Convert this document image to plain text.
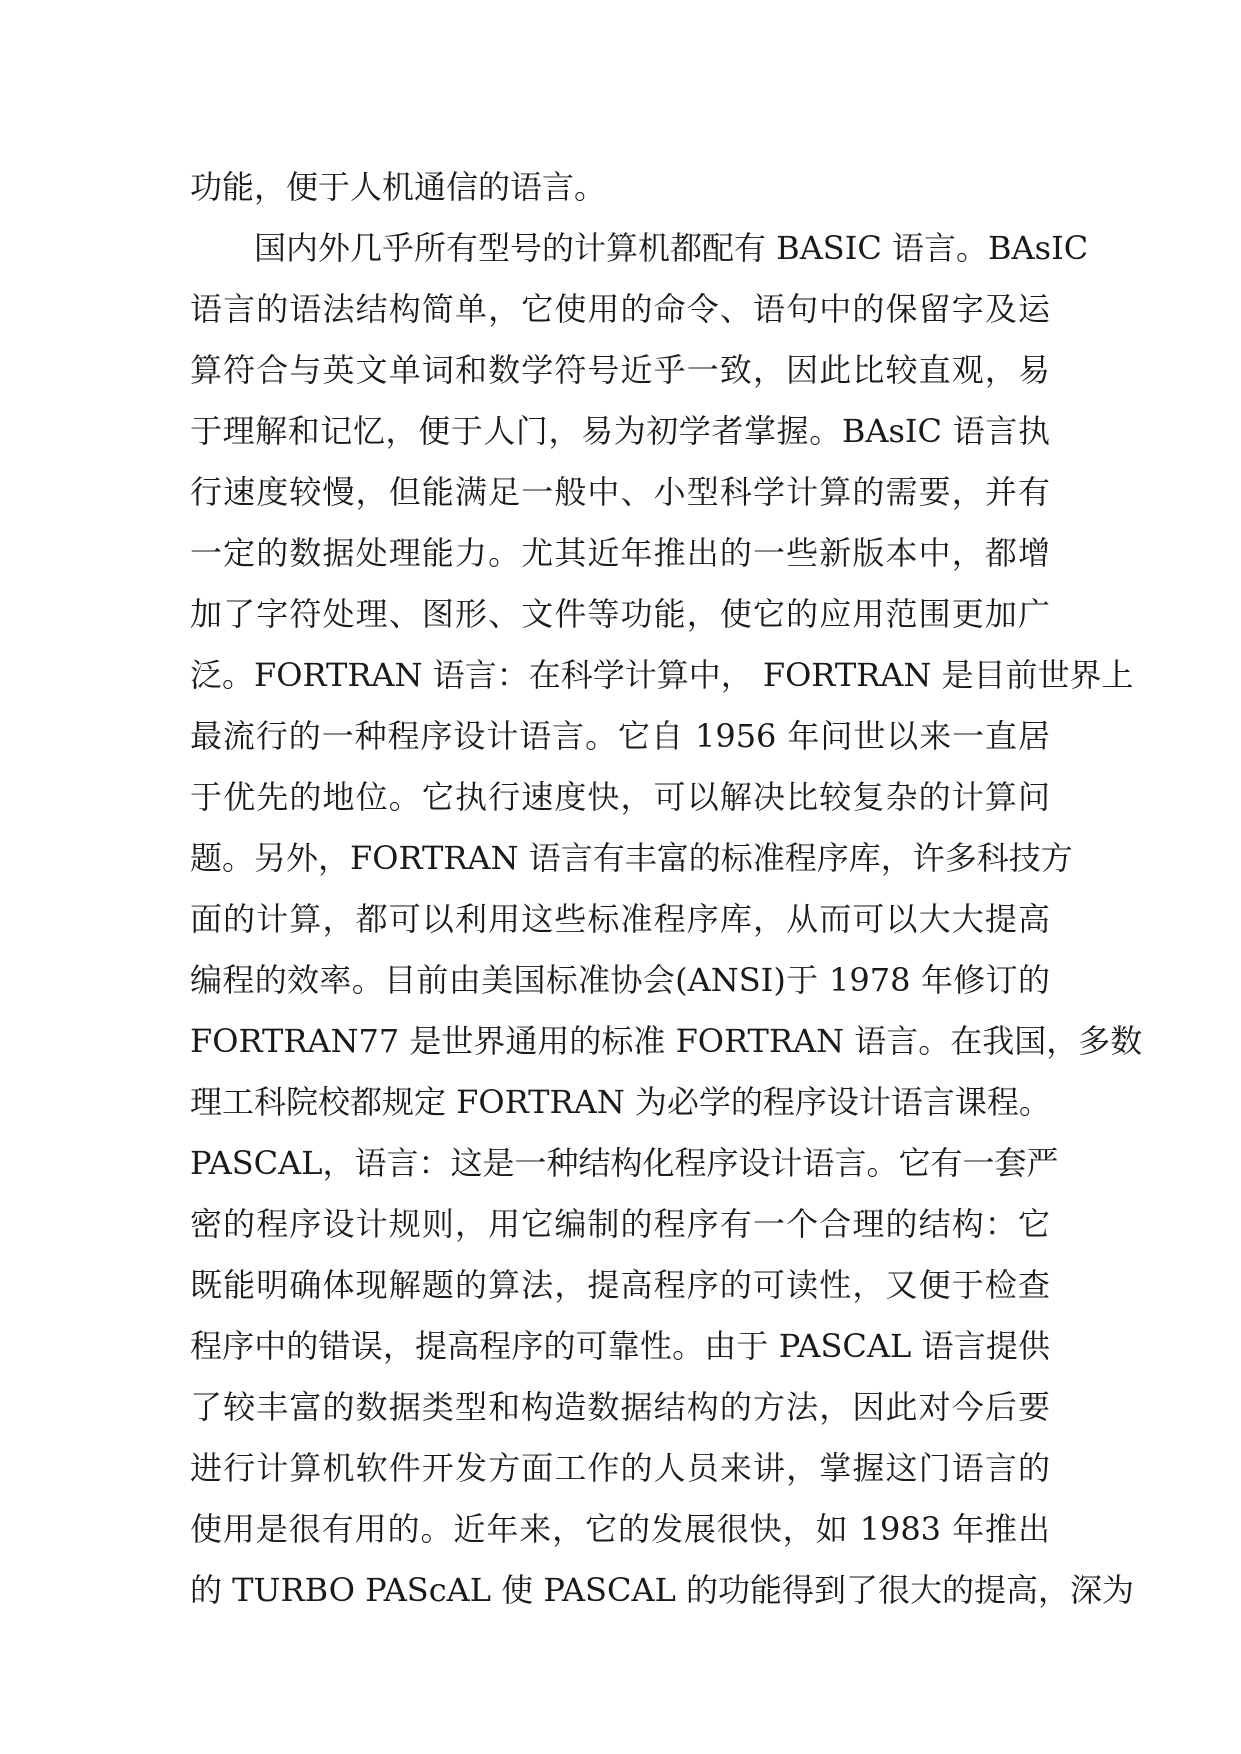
功能，便于人机通信的语言。
国内外几乎所有型号的计算机都配有 BASIC 语言。BAsIC
语言的语法结构简单，它使用的命令、语句中的保留字及运
算符合与英文单词和数学符号近乎一致，因此比较直观，易
于理解和记忆，便于人门，易为初学者掌握。BAsIC 语言执
行速度较慢，但能满足一般中、小型科学计算的需要，并有
一定的数据处理能力。尤其近年推出的一些新版本中，都增
加了字符处理、图形、文件等功能，使它的应用范围更加广
泛。FORTRAN 语言：在科学计算中， FORTRAN 是目前世界上
最流行的一种程序设计语言。它自 1956 年问世以来一直居
于优先的地位。它执行速度快，可以解决比较复杂的计算问
题。另外，FORTRAN 语言有丰富的标准程序库，许多科技方
面的计算，都可以利用这些标准程序库，从而可以大大提高
编程的效率。目前由美国标准协会(ANSI)于 1978 年修订的
FORTRAN77 是世界通用的标准 FORTRAN 语言。在我国，多数
理工科院校都规定 FORTRAN 为必学的程序设计语言课程。
PASCAL，语言：这是一种结构化程序设计语言。它有一套严
密的程序设计规则，用它编制的程序有一个合理的结构：它
既能明确体现解题的算法，提高程序的可读性，又便于检查
程序中的错误，提高程序的可靠性。由于 PASCAL 语言提供
了较丰富的数据类型和构造数据结构的方法，因此对今后要
进行计算机软件开发方面工作的人员来讲，掌握这门语言的
使用是很有用的。近年来，它的发展很快，如 1983 年推出
的 TURBO PAScAL 使 PASCAL 的功能得到了很大的提高，深为
